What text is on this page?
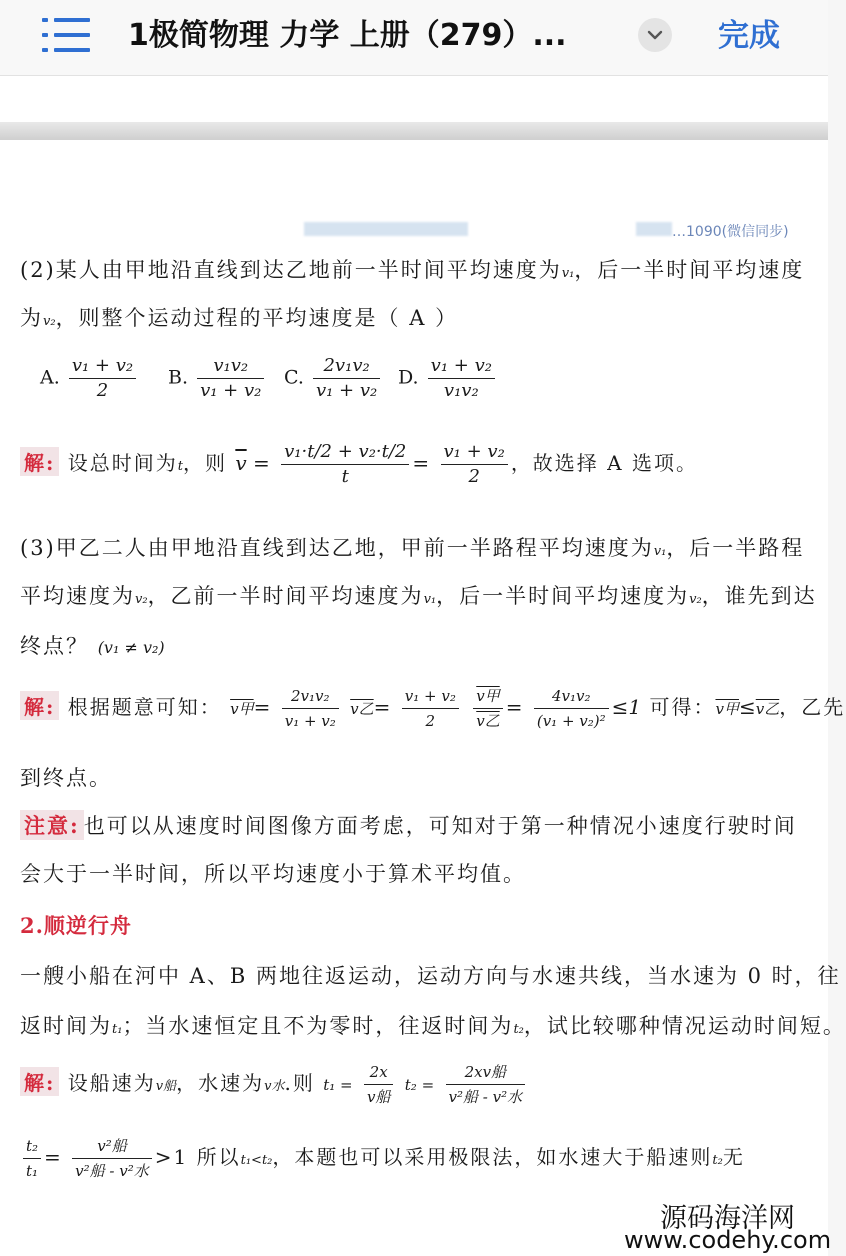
1极简物理 力学 上册（279）...	完成
…1090(微信同步)
(2)某人由甲地沿直线到达乙地前一半时间平均速度为v₁，后一半时间平均速度
为v₂，则整个运动过程的平均速度是（ A ）
A. $\frac{\text{v₁ + v₂}}{2} B$. $\frac{\text{v₁v₂}}{\text{v₁ + v₂}} C$. $\frac{\text{2v₁v₂}}{\text{v₁ + v₂}} D$. $\frac{\text{v₁ + v₂}}{\text{v₁v₂}}$
解: 设总时间为t，则 $\overline{v} = \frac{\text{v₁·t/2 + v₂·t/2}}{t} = \frac{\text{v₁ + v₂}}{2}$ ，故选择 A 选项。
(3)甲乙二人由甲地沿直线到达乙地，甲前一半路程平均速度为v₁，后一半路程
平均速度为v₂，乙前一半时间平均速度为v₁，后一半时间平均速度为v₂，谁先到达
终点？ (v₁ ≠ v₂)
解: 根据题意可知： v甲= $\frac{\text{2v₁v₂}}{\text{v₁ + v₂}}$ v乙= $\frac{\text{v₁ + v₂}}{2}$
$\frac{\text{v甲}}{\text{v乙}} = \frac{\text{4v₁v₂}}{\text{(v₁ + v₂)²}} \le 1$ 可得：v甲≤v乙，乙先
到终点。
注意: 也可以从速度时间图像方面考虑，可知对于第一种情况小速度行驶时间
会大于一半时间，所以平均速度小于算术平均值。
2.顺逆行舟
一艘小船在河中 A、B 两地往返运动，运动方向与水速共线，当水速为 0 时，往
返时间为t₁；当水速恒定且不为零时，往返时间为t₂，试比较哪种情况运动时间短。
解: 设船速为v船，水速为v水.则 $t_1 = \frac{2x}{\text{v船}} t_2 = \frac{\text{2xv船}}{\text{v²船 - v²水}}$
$\frac{\text{t₂}}{\text{t₁}} = \frac{\text{v²船}}{\text{v²船 - v²水}} >1$ 所以t₁<t₂，本题也可以采用极限法，如水速大于船速则t₂无
源码海洋网
www.codehy.com
